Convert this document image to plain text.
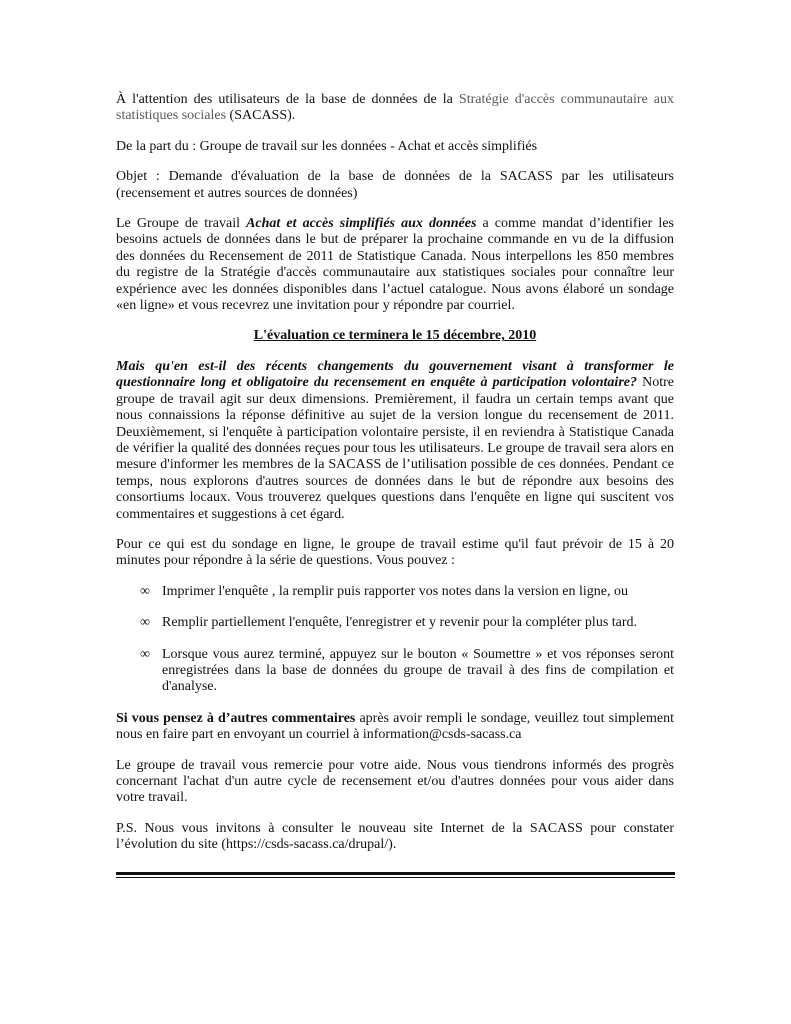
À l'attention des utilisateurs de la base de données de la Stratégie d'accès communautaire aux statistiques sociales (SACASS).

De la part du : Groupe de travail sur les données - Achat et accès simplifiés

Objet : Demande d'évaluation de la base de données de la SACASS par les utilisateurs (recensement et autres sources de données)

Le Groupe de travail Achat et accès simplifiés aux données a comme mandat d’identifier les besoins actuels de données dans le but de préparer la prochaine commande en vu de la diffusion des données du Recensement de 2011 de Statistique Canada. Nous interpellons les 850 membres du registre de la Stratégie d'accès communautaire aux statistiques sociales pour connaître leur expérience avec les données disponibles dans l’actuel catalogue. Nous avons élaboré un sondage «en ligne» et vous recevrez une invitation pour y répondre par courriel.

L'évaluation ce terminera le 15 décembre, 2010

Mais qu'en est-il des récents changements du gouvernement visant à transformer le questionnaire long et obligatoire du recensement en enquête à participation volontaire? Notre groupe de travail agit sur deux dimensions. Premièrement, il faudra un certain temps avant que nous connaissions la réponse définitive au sujet de la version longue du recensement de 2011. Deuxièmement, si l'enquête à participation volontaire persiste, il en reviendra à Statistique Canada de vérifier la qualité des données reçues pour tous les utilisateurs. Le groupe de travail sera alors en mesure d'informer les membres de la SACASS de l’utilisation possible de ces données. Pendant ce temps, nous explorons d'autres sources de données dans le but de répondre aux besoins des consortiums locaux. Vous trouverez quelques questions dans l'enquête en ligne qui suscitent vos commentaires et suggestions à cet égard.

Pour ce qui est du sondage en ligne, le groupe de travail estime qu'il faut prévoir de 15 à 20 minutes pour répondre à la série de questions. Vous pouvez :

∞ Imprimer l'enquête , la remplir puis rapporter vos notes dans la version en ligne, ou
∞ Remplir partiellement l'enquête, l'enregistrer et y revenir pour la compléter plus tard.
∞ Lorsque vous aurez terminé, appuyez sur le bouton « Soumettre » et vos réponses seront enregistrées dans la base de données du groupe de travail à des fins de compilation et d'analyse.

Si vous pensez à d’autres commentaires après avoir rempli le sondage, veuillez tout simplement nous en faire part en envoyant un courriel à information@csds-sacass.ca

Le groupe de travail vous remercie pour votre aide. Nous vous tiendrons informés des progrès concernant l'achat d'un autre cycle de recensement et/ou d'autres données pour vous aider dans votre travail.

P.S. Nous vous invitons à consulter le nouveau site Internet de la SACASS pour constater l’évolution du site (https://csds-sacass.ca/drupal/).
